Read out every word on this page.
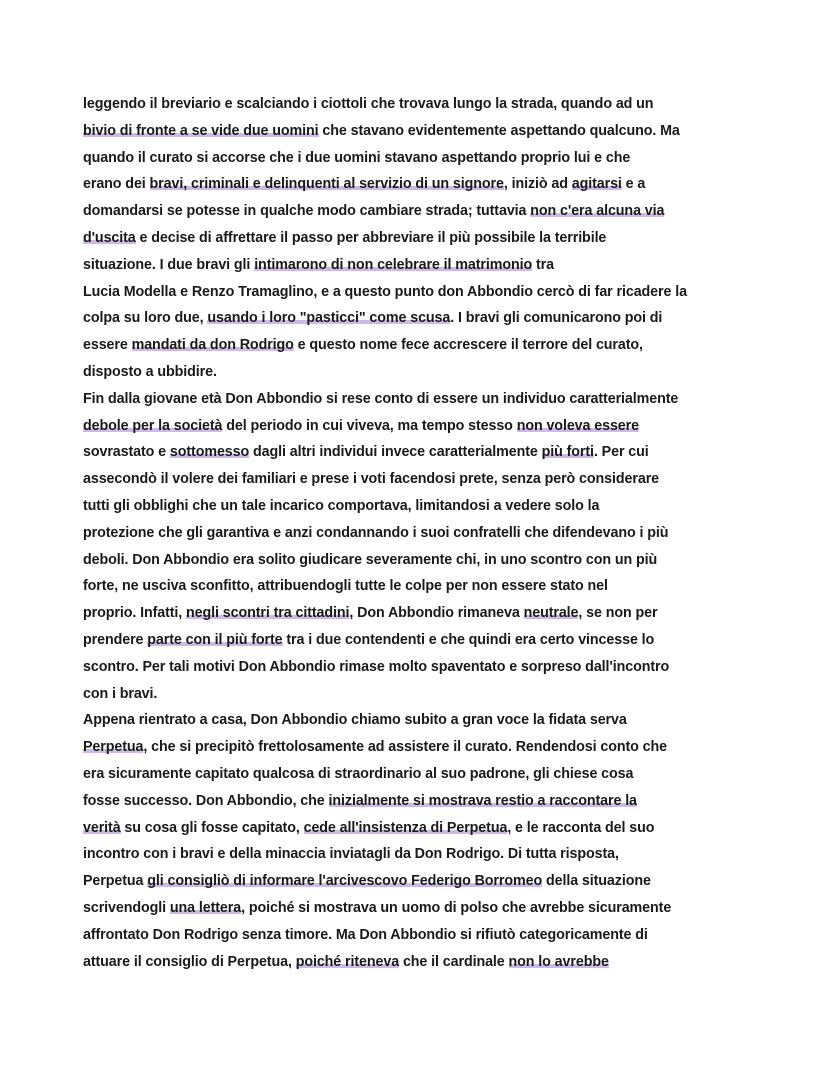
leggendo il breviario e scalciando i ciottoli che trovava lungo la strada, quando ad un
bivio di fronte a se vide due uomini che stavano evidentemente aspettando qualcuno. Ma
quando il curato si accorse che i due uomini stavano aspettando proprio lui e che
erano dei bravi, criminali e delinquenti al servizio di un signore, iniziò ad agitarsi e a
domandarsi se potesse in qualche modo cambiare strada; tuttavia non c'era alcuna via
d'uscita e decise di affrettare il passo per abbreviare il più possibile la terribile
situazione. I due bravi gli intimarono di non celebrare il matrimonio tra
Lucia Modella e Renzo Tramaglino, e a questo punto don Abbondio cercò di far ricadere la
colpa su loro due, usando i loro "pasticci" come scusa. I bravi gli comunicarono poi di
essere mandati da don Rodrigo e questo nome fece accrescere il terrore del curato,
disposto a ubbidire.
Fin dalla giovane età Don Abbondio si rese conto di essere un individuo caratterialmente
debole per la società del periodo in cui viveva, ma tempo stesso non voleva essere
sovrastato e sottomesso dagli altri individui invece caratterialmente più forti. Per cui
assecondò il volere dei familiari e prese i voti facendosi prete, senza però considerare
tutti gli obblighi che un tale incarico comportava, limitandosi a vedere solo la
protezione che gli garantiva e anzi condannando i suoi confratelli che difendevano i più
deboli. Don Abbondio era solito giudicare severamente chi, in uno scontro con un più
forte, ne usciva sconfitto, attribuendogli tutte le colpe per non essere stato nel
proprio. Infatti, negli scontri tra cittadini, Don Abbondio rimaneva neutrale, se non per
prendere parte con il più forte tra i due contendenti e che quindi era certo vincesse lo
scontro. Per tali motivi Don Abbondio rimase molto spaventato e sorpreso dall'incontro
con i bravi.
Appena rientrato a casa, Don Abbondio chiamo subito a gran voce la fidata serva
Perpetua, che si precipitò frettolosamente ad assistere il curato. Rendendosi conto che
era sicuramente capitato qualcosa di straordinario al suo padrone, gli chiese cosa
fosse successo. Don Abbondio, che inizialmente si mostrava restio a raccontare la
verità su cosa gli fosse capitato, cede all'insistenza di Perpetua, e le racconta del suo
incontro con i bravi e della minaccia inviatagli da Don Rodrigo. Di tutta risposta,
Perpetua gli consigliò di informare l'arcivescovo Federigo Borromeo della situazione
scrivendogli una lettera, poiché si mostrava un uomo di polso che avrebbe sicuramente
affrontato Don Rodrigo senza timore. Ma Don Abbondio si rifiutò categoricamente di
attuare il consiglio di Perpetua, poiché riteneva che il cardinale non lo avrebbe
